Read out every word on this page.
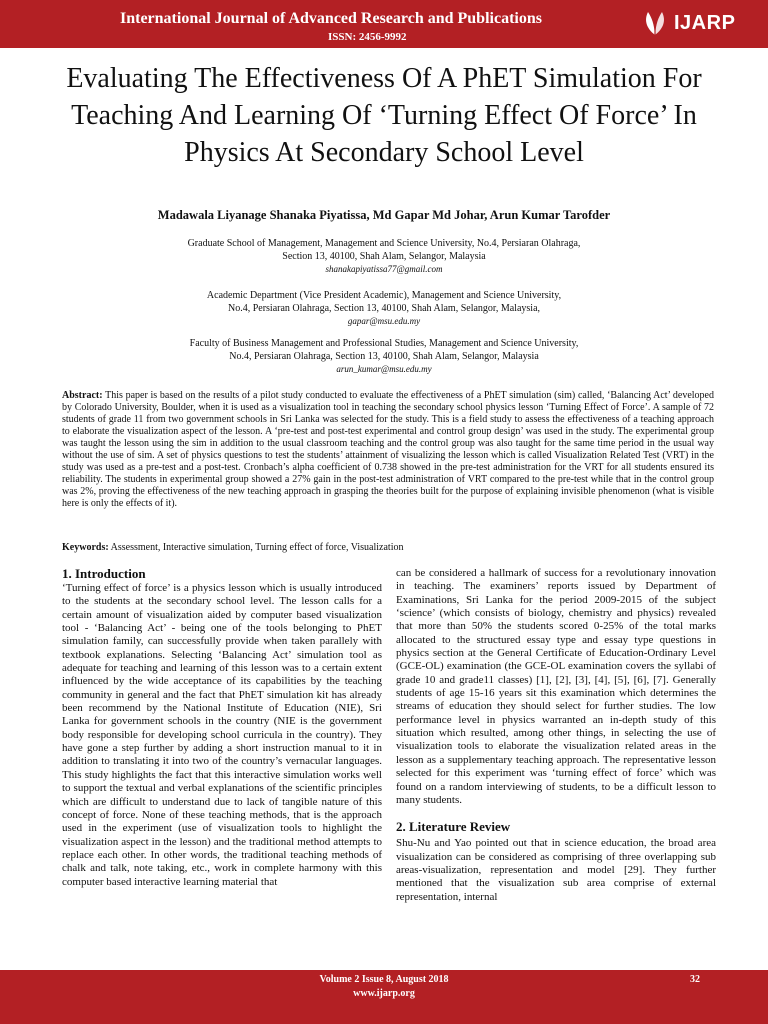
International Journal of Advanced Research and Publications
ISSN: 2456-9992
IJARP
Evaluating The Effectiveness Of A PhET Simulation For Teaching And Learning Of ‘Turning Effect Of Force’ In Physics At Secondary School Level
Madawala Liyanage Shanaka Piyatissa, Md Gapar Md Johar, Arun Kumar Tarofder
Graduate School of Management, Management and Science University, No.4, Persiaran Olahraga,
Section 13, 40100, Shah Alam, Selangor, Malaysia
shanakapiyatissa77@gmail.com
Academic Department (Vice President Academic), Management and Science University,
No.4, Persiaran Olahraga, Section 13, 40100, Shah Alam, Selangor, Malaysia,
gapar@msu.edu.my
Faculty of Business Management and Professional Studies, Management and Science University,
No.4, Persiaran Olahraga, Section 13, 40100, Shah Alam, Selangor, Malaysia
arun_kumar@msu.edu.my

Abstract: This paper is based on the results of a pilot study conducted to evaluate the effectiveness of a PhET simulation (sim) called, ‘Balancing Act’ developed by Colorado University, Boulder, when it is used as a visualization tool in teaching the secondary school physics lesson ‘Turning Effect of Force’. A sample of 72 students of grade 11 from two government schools in Sri Lanka was selected for the study. This is a field study to assess the effectiveness of a teaching approach to elaborate the visualization aspect of the lesson. A ‘pre-test and post-test experimental and control group design’ was used in the study. The experimental group was taught the lesson using the sim in addition to the usual classroom teaching and the control group was also taught for the same time period in the usual way without the use of sim. A set of physics questions to test the students’ attainment of visualizing the lesson which is called Visualization Related Test (VRT) in the study was used as a pre-test and a post-test. Cronbach’s alpha coefficient of 0.738 showed in the pre-test administration for the VRT for all students ensured its reliability. The students in experimental group showed a 27% gain in the post-test administration of VRT compared to the pre-test while that in the control group was 2%, proving the effectiveness of the new teaching approach in grasping the theories built for the purpose of explaining invisible phenomenon (what is visible here is only the effects of it).

Keywords: Assessment, Interactive simulation, Turning effect of force, Visualization

1. Introduction

‘Turning effect of force’ is a physics lesson which is usually introduced to the students at the secondary school level. The lesson calls for a certain amount of visualization aided by computer based visualization tool - ‘Balancing Act’ - being one of the tools belonging to PhET simulation family, can successfully provide when taken parallely with textbook explanations. Selecting ‘Balancing Act’ simulation tool as adequate for teaching and learning of this lesson was to a certain extent influenced by the wide acceptance of its capabilities by the teaching community in general and the fact that PhET simulation kit has already been recommend by the National Institute of Education (NIE), Sri Lanka for government schools in the country (NIE is the government body responsible for developing school curricula in the country). They have gone a step further by adding a short instruction manual to it in addition to translating it into two of the country’s vernacular languages. This study highlights the fact that this interactive simulation works well to support the textual and verbal explanations of the scientific principles which are difficult to understand due to lack of tangible nature of this concept of force. None of these teaching methods, that is the approach used in the experiment (use of visualization tools to highlight the visualization aspect in the lesson) and the traditional method attempts to replace each other. In other words, the traditional teaching methods of chalk and talk, note taking, etc., work in complete harmony with this computer based interactive learning material that

can be considered a hallmark of success for a revolutionary innovation in teaching. The examiners’ reports issued by Department of Examinations, Sri Lanka for the period 2009-2015 of the subject ‘science’ (which consists of biology, chemistry and physics) revealed that more than 50% the students scored 0-25% of the total marks allocated to the structured essay type and essay type questions in physics section at the General Certificate of Education-Ordinary Level (GCE-OL) examination (the GCE-OL examination covers the syllabi of grade 10 and grade11 classes) [1], [2], [3], [4], [5], [6], [7]. Generally students of age 15-16 years sit this examination which determines the streams of education they should select for further studies. The low performance level in physics warranted an in-depth study of this situation which resulted, among other things, in selecting the use of visualization tools to elaborate the visualization related areas in the lesson as a supplementary teaching approach. The representative lesson selected for this experiment was ‘turning effect of force’ which was found on a random interviewing of students, to be a difficult lesson to many students.

2. Literature Review

Shu-Nu and Yao pointed out that in science education, the broad area visualization can be considered as comprising of three overlapping sub areas-visualization, representation and model [29]. They further mentioned that the visualization sub area comprise of external representation, internal

Volume 2 Issue 8, August 2018
www.ijarp.org
32
